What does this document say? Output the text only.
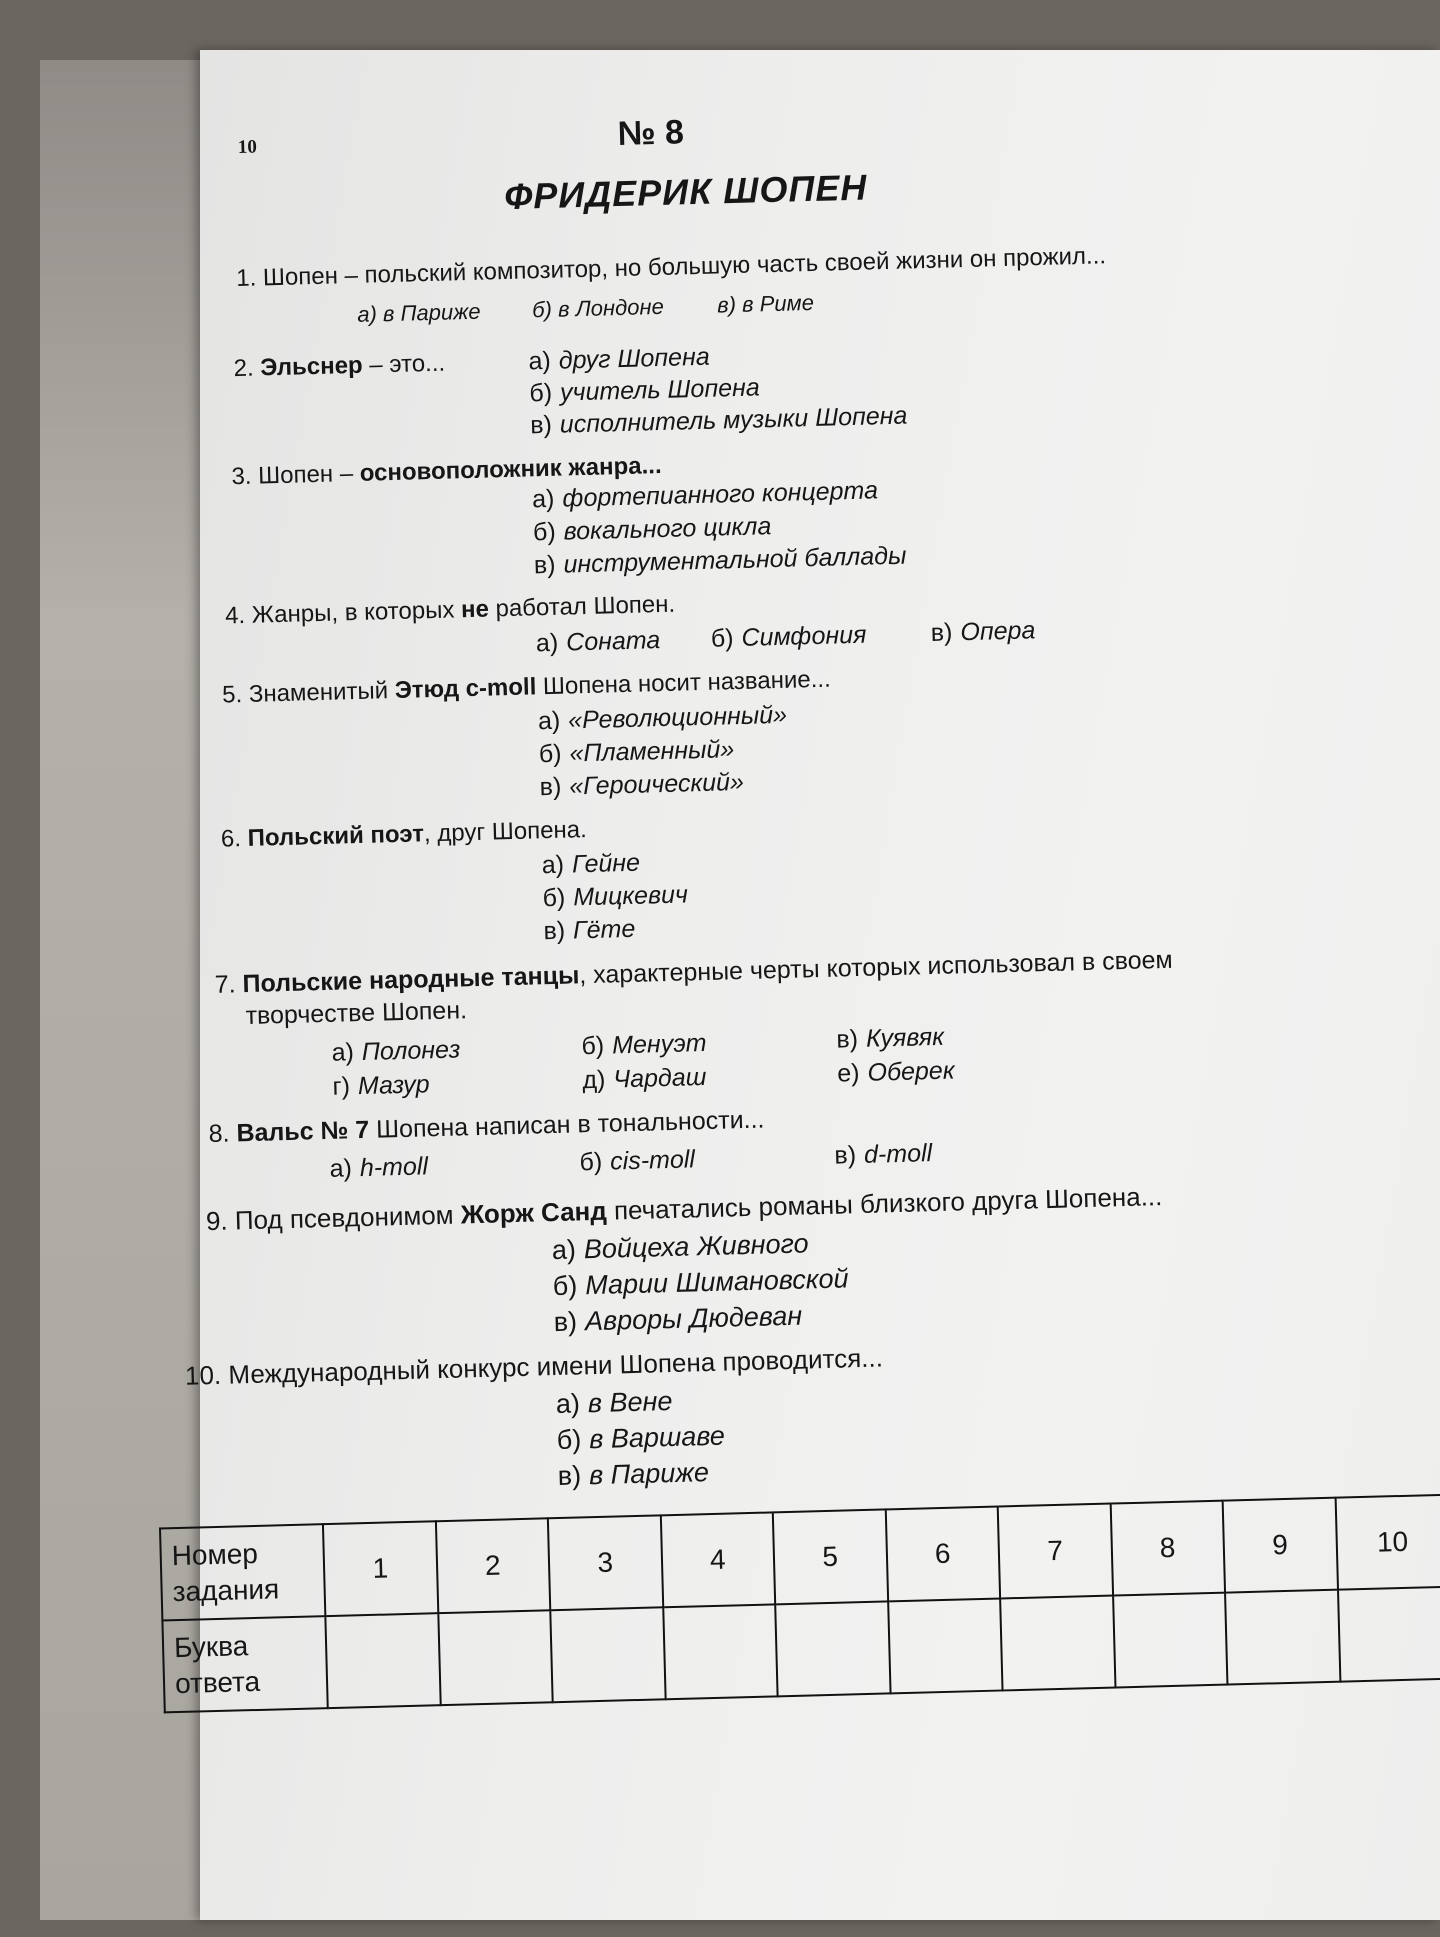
10	№ 8
ФРИДЕРИК ШОПЕН
1. Шопен – польский композитор, но большую часть своей жизни он прожил...
а) в Париже б) в Лондоне в) в Риме
2. Эльснер – это...	а) друг Шопена
б) учитель Шопена
в) исполнитель музыки Шопена
3. Шопен – основоположник жанра...
а) фортепианного концерта
б) вокального цикла
в) инструментальной баллады
4. Жанры, в которых не работал Шопен.
а) Соната б) Симфония	в) Опера
5. Знаменитый Этюд c-moll Шопена носит название...
а) «Революционный»
б) «Пламенный»
в) «Героический»
6. Польский поэт, друг Шопена.
а) Гейне
б) Мицкевич
в) Гёте
7. Польские народные танцы, характерные черты которых использовал в своем
творчестве Шопен.
а) Полонез	б) Менуэт	в) Куявяк
г) Мазур	д) Чардаш	е) Оберек
8. Вальс № 7 Шопена написан в тональности...
а) h-moll	б) cis-moll	в) d-moll
9. Под псевдонимом Жорж Санд печатались романы близкого друга Шопена...
а) Войцеха Живного
б) Марии Шимановской
в) Авроры Дюдеван
10. Международный конкурс имени Шопена проводится...
а) в Вене
б) в Варшаве
в) в Париже
Номер
задания	1	2	3	4	5	6	7	8	9	10
Буква
ответа										
